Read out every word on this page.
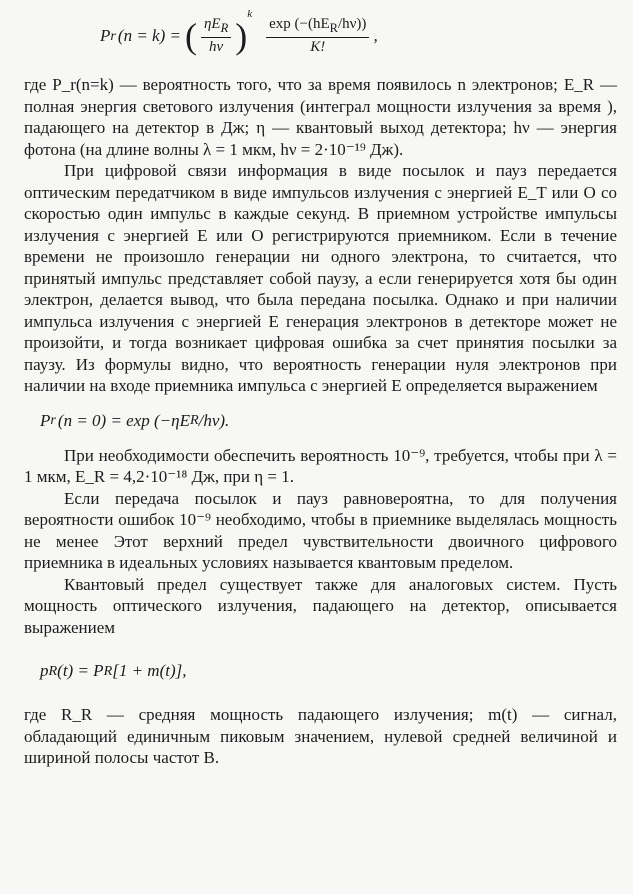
P r (n = k) = ( $\frac{\eta E_R}{h\nu}$ )
$^k$
$\frac{\exp (-(hE_R/h\nu))}{K!}$ ,

где P_r(n=k) — вероятность того, что за время появилось n электронов; E_R — полная энергия светового излучения (интеграл мощности излучения за время ), падающего на детектор в Дж; η — квантовый выход детектора; hν — энергия фотона (на длине волны λ = 1 мкм, hν = 2·10⁻¹⁹ Дж).

При цифровой связи информация в виде посылок и пауз передается оптическим передатчиком в виде импульсов излучения с энергией E_T или O со скоростью один импульс в каждые секунд. В приемном устройстве импульсы излучения с энергией E или O регистрируются приемником. Если в течение времени не произошло генерации ни одного электрона, то считается, что принятый импульс представляет собой паузу, а если генерируется хотя бы один электрон, делается вывод, что была передана посылка. Однако и при наличии импульса излучения с энергией E генерация электронов в детекторе может не произойти, и тогда возникает цифровая ошибка за счет принятия посылки за паузу. Из формулы видно, что вероятность генерации нуля электронов при наличии на входе приемника импульса с энергией E определяется выражением

P r (n = 0) = exp (−ηE R /hν).

При необходимости обеспечить вероятность 10⁻⁹, требуется, чтобы при λ = 1 мкм, E_R = 4,2·10⁻¹⁸ Дж, при η = 1.

Если передача посылок и пауз равновероятна, то для получения вероятности ошибок 10⁻⁹ необходимо, чтобы в приемнике выделялась мощность не менее Этот верхний предел чувствительности двоичного цифрового приемника в идеальных условиях называется квантовым пределом.

Квантовый предел существует также для аналоговых систем. Пусть мощность оптического излучения, падающего на детектор, описывается выражением

p R (t) = P R [1 + m(t)],

где R_R — средняя мощность падающего излучения; m(t) — сигнал, обладающий единичным пиковым значением, нулевой средней величиной и шириной полосы частот B.
